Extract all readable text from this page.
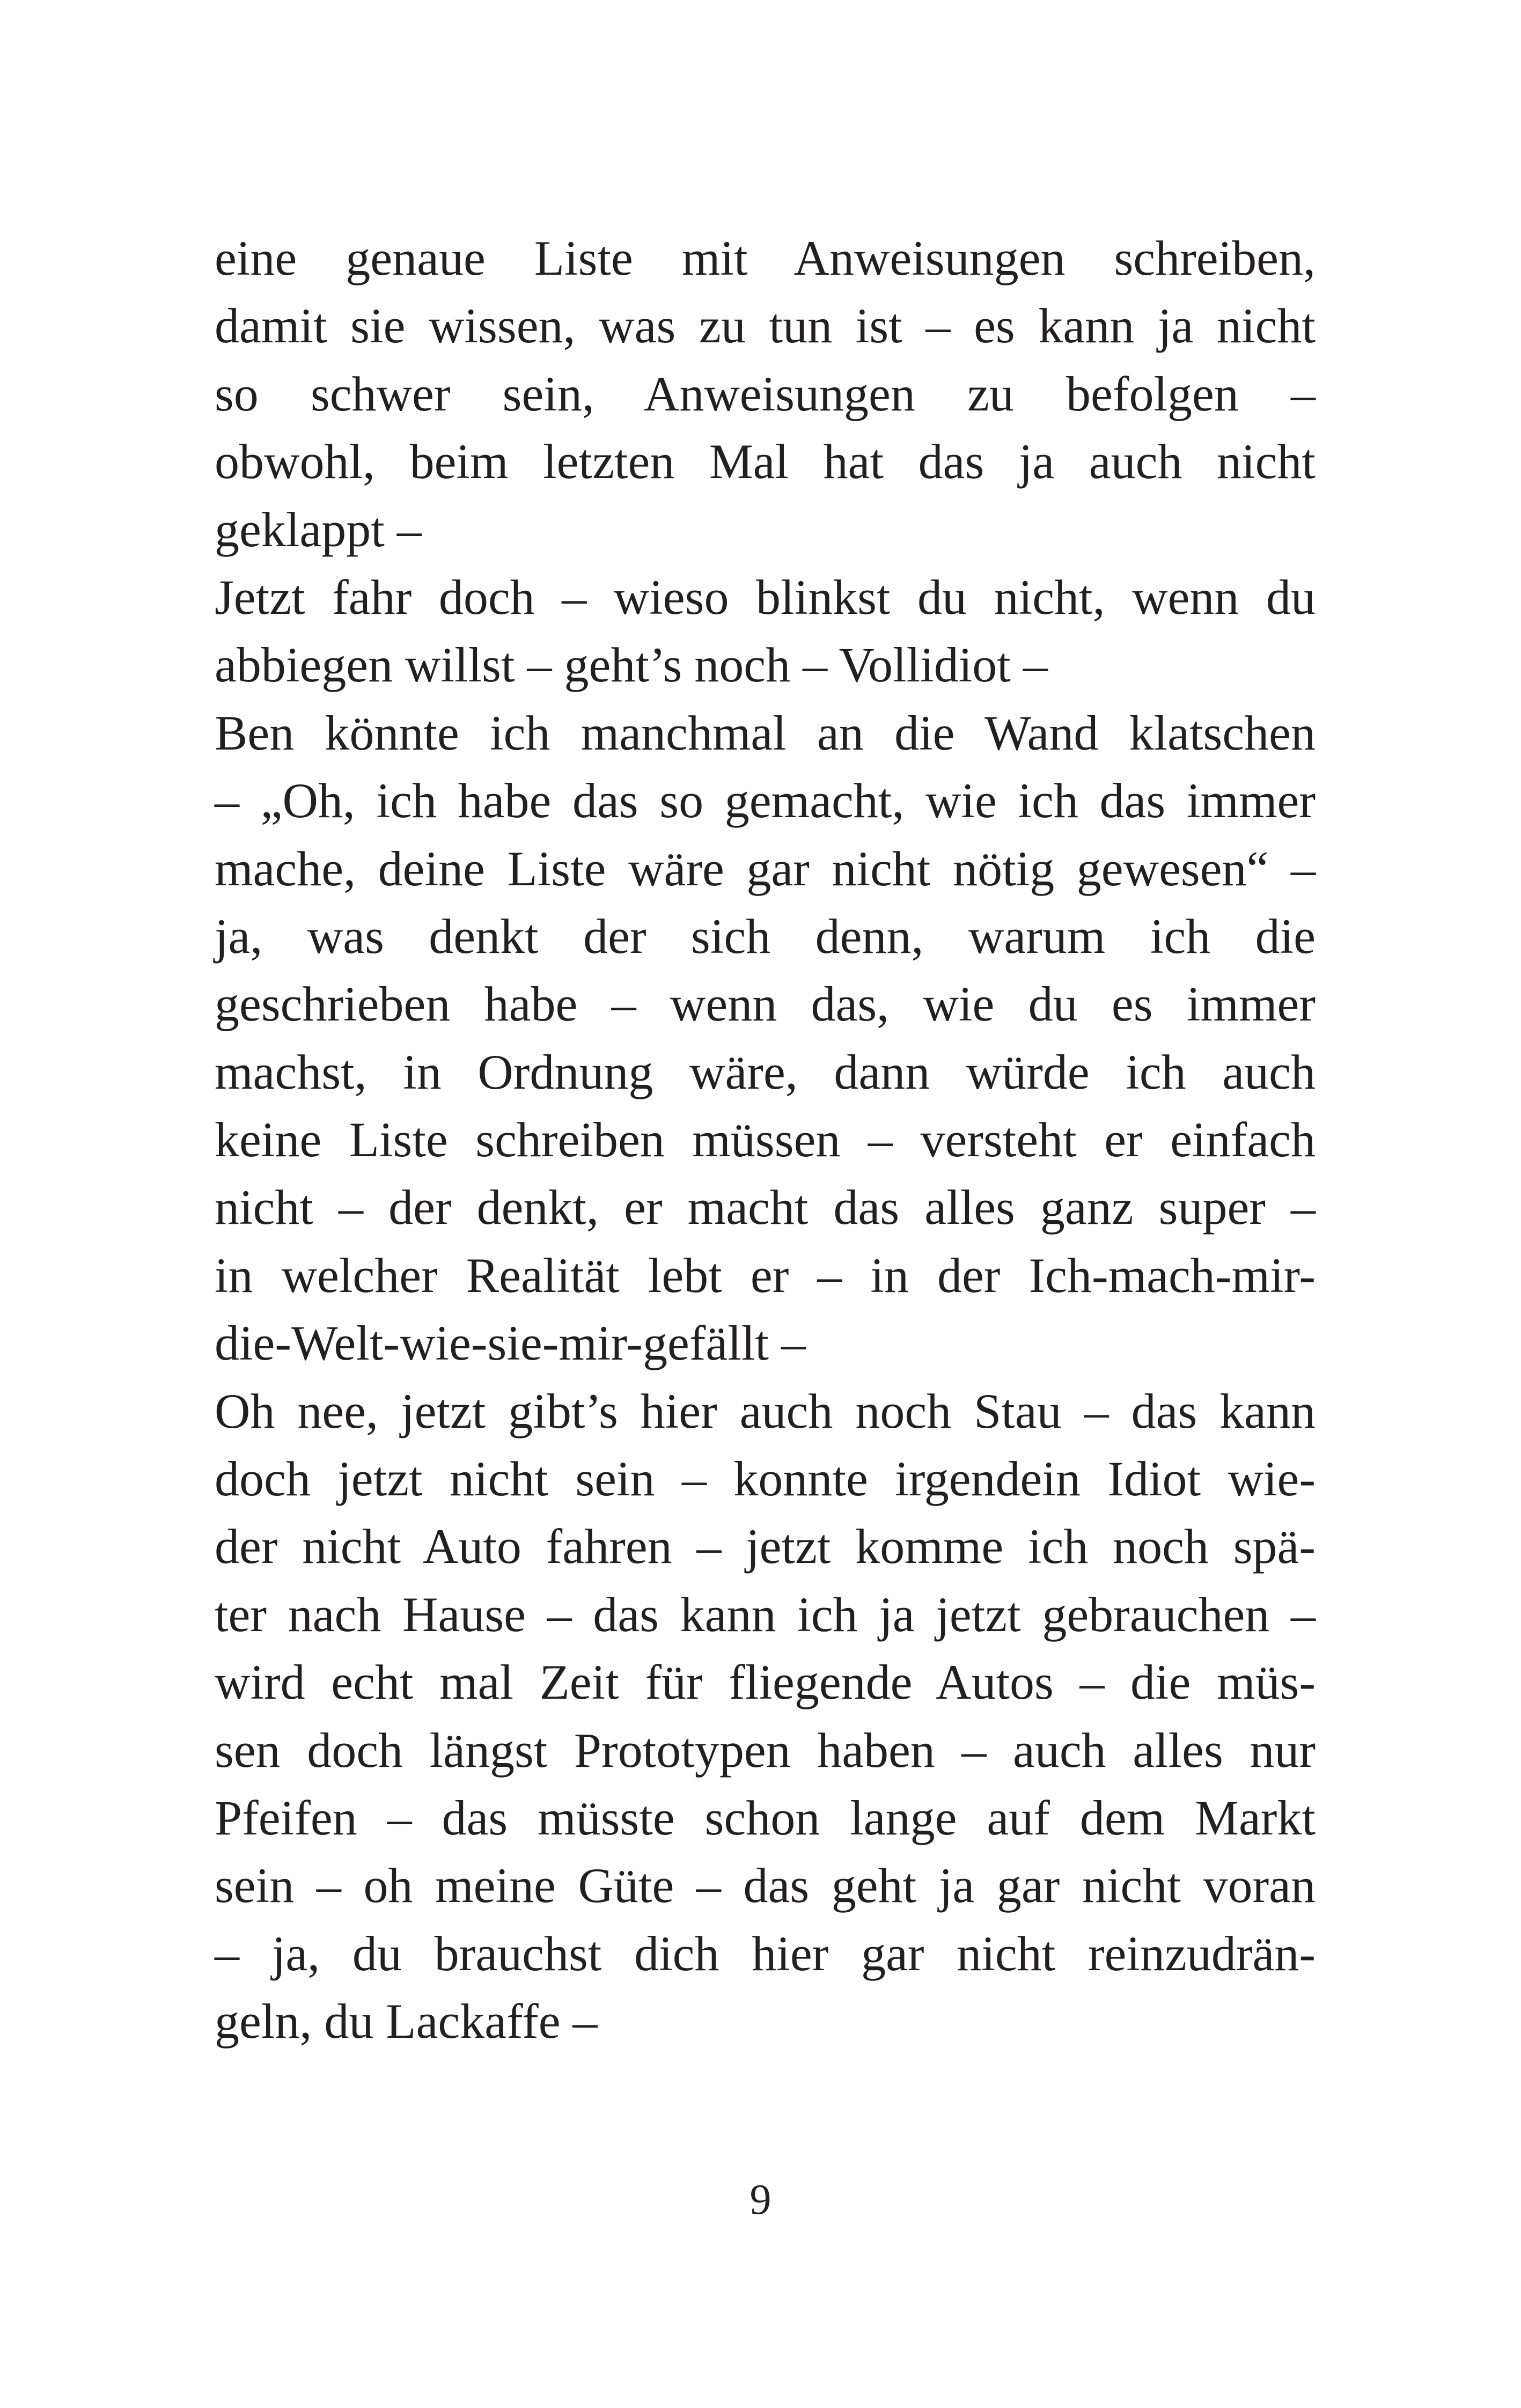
eine genaue Liste mit Anweisungen schreiben,
damit sie wissen, was zu tun ist – es kann ja nicht
so schwer sein, Anweisungen zu befolgen –
obwohl, beim letzten Mal hat das ja auch nicht
geklappt –
Jetzt fahr doch – wieso blinkst du nicht, wenn du
abbiegen willst – geht’s noch – Vollidiot –
Ben könnte ich manchmal an die Wand klatschen
– „Oh, ich habe das so gemacht, wie ich das immer
mache, deine Liste wäre gar nicht nötig gewesen“ –
ja, was denkt der sich denn, warum ich die
geschrieben habe – wenn das, wie du es immer
machst, in Ordnung wäre, dann würde ich auch
keine Liste schreiben müssen – versteht er einfach
nicht – der denkt, er macht das alles ganz super –
in welcher Realität lebt er – in der Ich-mach-mir-
die-Welt-wie-sie-mir-gefällt –
Oh nee, jetzt gibt’s hier auch noch Stau – das kann
doch jetzt nicht sein – konnte irgendein Idiot wie-
der nicht Auto fahren – jetzt komme ich noch spä-
ter nach Hause – das kann ich ja jetzt gebrauchen –
wird echt mal Zeit für fliegende Autos – die müs-
sen doch längst Prototypen haben – auch alles nur
Pfeifen – das müsste schon lange auf dem Markt
sein – oh meine Güte – das geht ja gar nicht voran
– ja, du brauchst dich hier gar nicht reinzudrän-
geln, du Lackaffe –
9
